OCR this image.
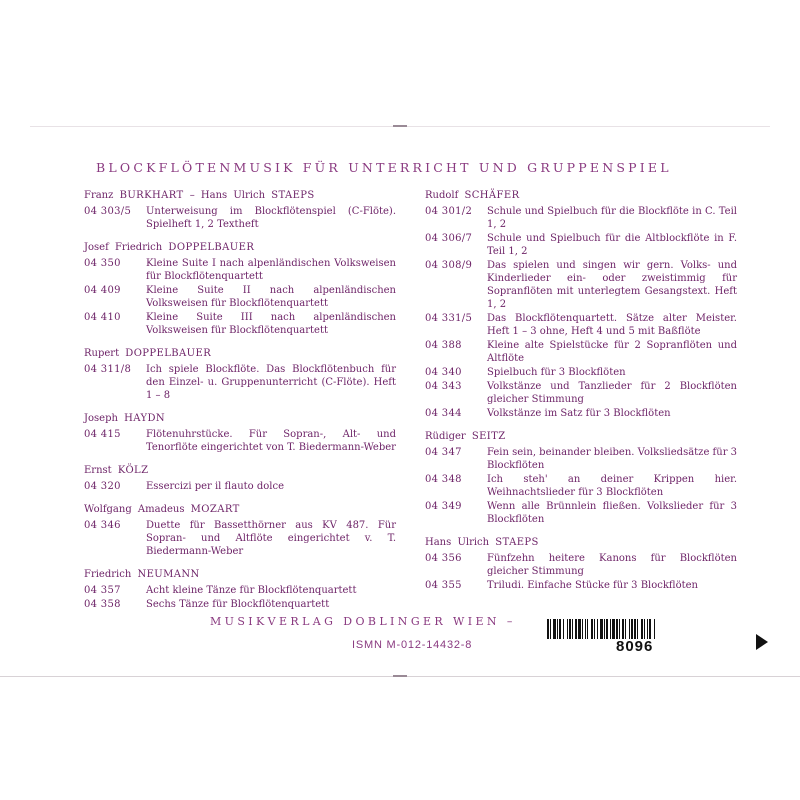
BLOCKFLÖTENMUSIK FÜR UNTERRICHT UND GRUPPENSPIEL
Franz BURKHART – Hans Ulrich STAEPS
04 303/5	Unterweisung im Blockflötenspiel (C-Flöte). Spielheft 1, 2 Textheft
Josef Friedrich DOPPELBAUER
04 350	Kleine Suite I nach alpenländischen Volksweisen für Blockflötenquartett
04 409	Kleine Suite II nach alpenländischen Volksweisen für Blockflötenquartett
04 410	Kleine Suite III nach alpenländischen Volksweisen für Blockflötenquartett
Rupert DOPPELBAUER
04 311/8	Ich spiele Blockflöte. Das Blockflötenbuch für den Einzel- u. Gruppenunterricht (C-Flöte). Heft 1 – 8
Joseph HAYDN
04 415	Flötenuhrstücke. Für Sopran-, Alt- und Tenorflöte eingerichtet von T. Biedermann-Weber
Ernst KÖLZ
04 320	Essercizi per il flauto dolce
Wolfgang Amadeus MOZART
04 346	Duette für Bassetthörner aus KV 487. Für Sopran- und Altflöte eingerichtet v. T. Biedermann-Weber
Friedrich NEUMANN
04 357	Acht kleine Tänze für Blockflötenquartett
04 358	Sechs Tänze für Blockflötenquartett
Rudolf SCHÄFER
04 301/2	Schule und Spielbuch für die Blockflöte in C. Teil 1, 2
04 306/7	Schule und Spielbuch für die Altblockflöte in F. Teil 1, 2
04 308/9	Das spielen und singen wir gern. Volks- und Kinderlieder ein- oder zweistimmig für Sopranflöten mit unterlegtem Gesangstext. Heft 1, 2
04 331/5	Das Blockflötenquartett. Sätze alter Meister. Heft 1 – 3 ohne, Heft 4 und 5 mit Baßflöte
04 388	Kleine alte Spielstücke für 2 Sopranflöten und Altflöte
04 340	Spielbuch für 3 Blockflöten
04 343	Volkstänze und Tanzlieder für 2 Blockflöten gleicher Stimmung
04 344	Volkstänze im Satz für 3 Blockflöten
Rüdiger SEITZ
04 347	Fein sein, beinander bleiben. Volksliedsätze für 3 Blockflöten
04 348	Ich steh' an deiner Krippen hier. Weihnachtslieder für 3 Blockflöten
04 349	Wenn alle Brünnlein fließen. Volkslieder für 3 Blockflöten
Hans Ulrich STAEPS
04 356	Fünfzehn heitere Kanons für Blockflöten gleicher Stimmung
04 355	Triludi. Einfache Stücke für 3 Blockflöten
MUSIKVERLAG DOBLINGER WIEN –
ISMN M-012-14432-8	8096
